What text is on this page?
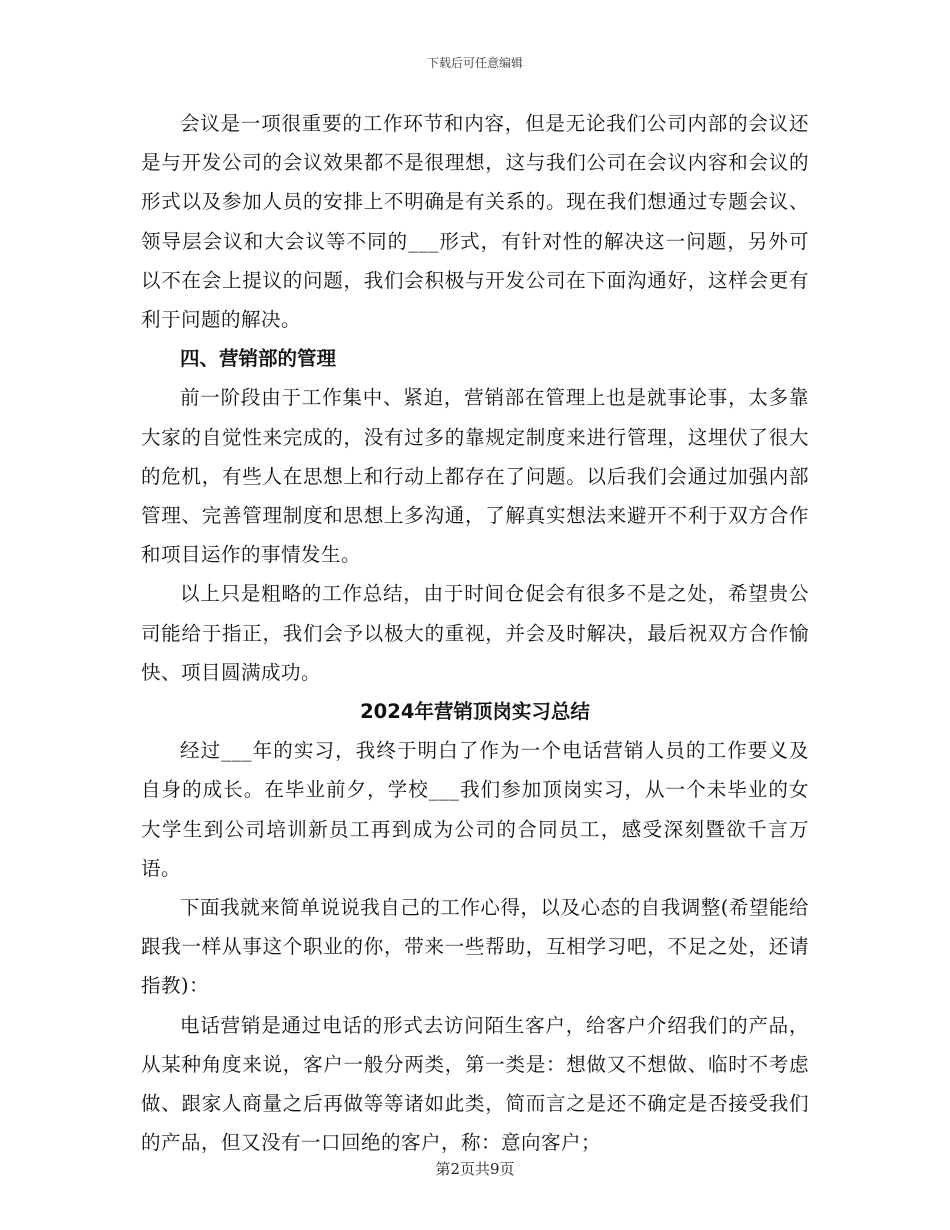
下载后可任意编辑

会议是一项很重要的工作环节和内容，但是无论我们公司内部的会议还是与开发公司的会议效果都不是很理想，这与我们公司在会议内容和会议的形式以及参加人员的安排上不明确是有关系的。现在我们想通过专题会议、领导层会议和大会议等不同的___形式，有针对性的解决这一问题，另外可以不在会上提议的问题，我们会积极与开发公司在下面沟通好，这样会更有利于问题的解决。

四、营销部的管理

前一阶段由于工作集中、紧迫，营销部在管理上也是就事论事，太多靠大家的自觉性来完成的，没有过多的靠规定制度来进行管理，这埋伏了很大的危机，有些人在思想上和行动上都存在了问题。以后我们会通过加强内部管理、完善管理制度和思想上多沟通，了解真实想法来避开不利于双方合作和项目运作的事情发生。

以上只是粗略的工作总结，由于时间仓促会有很多不是之处，希望贵公司能给于指正，我们会予以极大的重视，并会及时解决，最后祝双方合作愉快、项目圆满成功。

2024年营销顶岗实习总结

经过___年的实习，我终于明白了作为一个电话营销人员的工作要义及自身的成长。在毕业前夕，学校___我们参加顶岗实习，从一个未毕业的女大学生到公司培训新员工再到成为公司的合同员工，感受深刻暨欲千言万语。

下面我就来简单说说我自己的工作心得，以及心态的自我调整(希望能给跟我一样从事这个职业的你，带来一些帮助，互相学习吧，不足之处，还请指教)：

电话营销是通过电话的形式去访问陌生客户，给客户介绍我们的产品，从某种角度来说，客户一般分两类，第一类是：想做又不想做、临时不考虑做、跟家人商量之后再做等等诸如此类，简而言之是还不确定是否接受我们的产品，但又没有一口回绝的客户，称：意向客户；

第2页共9页
